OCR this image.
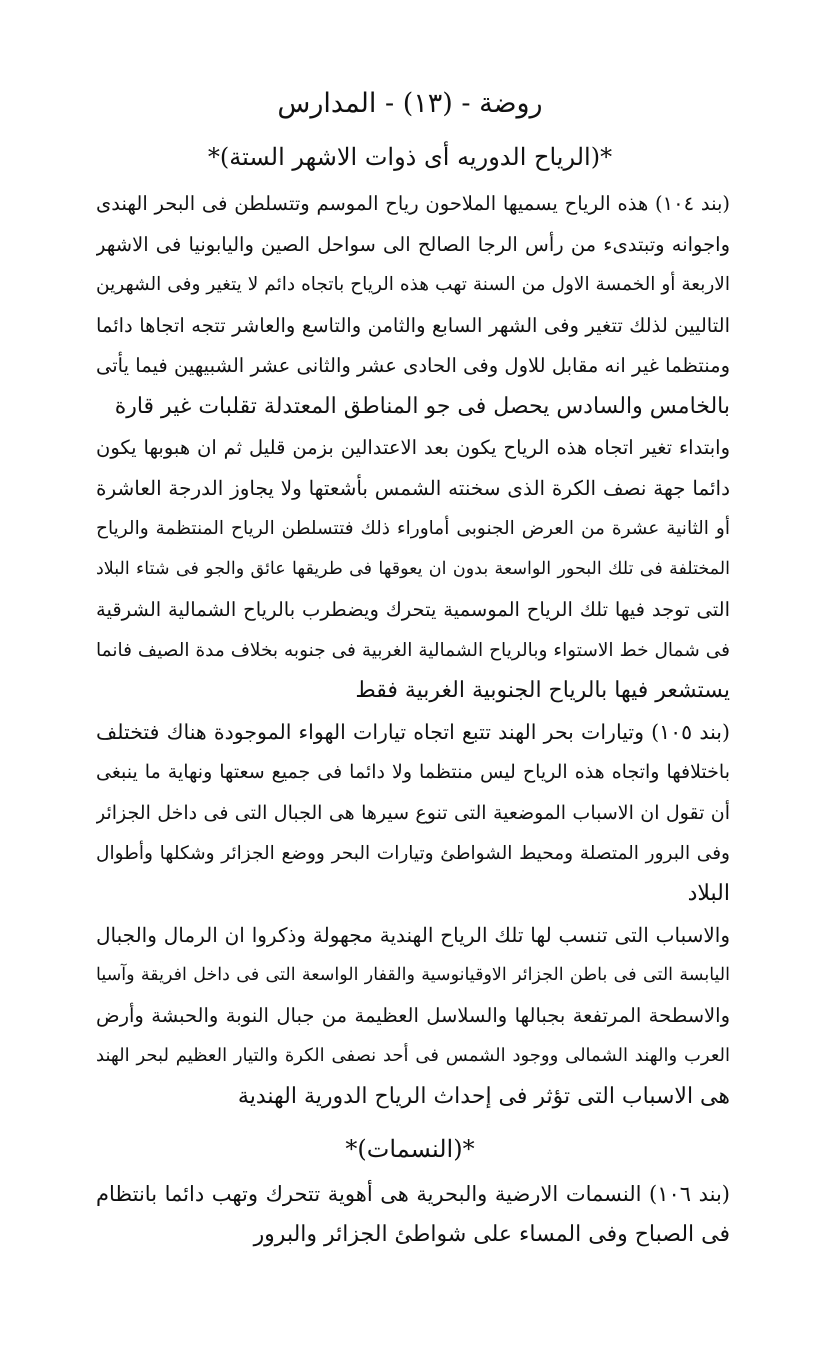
روضة - (١٣) - المدارس
*(الرياح الدوريه أى ذوات الاشهر الستة)*
(بند ١٠٤) هذه الرياح يسميها الملاحون رياح الموسم وتتسلطن فى البحر الهندى
واجوانه وتبتدىء من رأس الرجا الصالح الى سواحل الصين واليابونيا فى الاشهر
الاربعة أو الخمسة الاول من السنة تهب هذه الرياح باتجاه دائم لا يتغير وفى الشهرين
التاليين لذلك تتغير وفى الشهر السابع والثامن والتاسع والعاشر تتجه اتجاها دائما
ومنتظما غير انه مقابل للاول وفى الحادى عشر والثانى عشر الشبيهين فيما يأتى
بالخامس والسادس يحصل فى جو المناطق المعتدلة تقلبات غير قارة
وابتداء تغير اتجاه هذه الرياح يكون بعد الاعتدالين بزمن قليل ثم ان هبوبها يكون
دائما جهة نصف الكرة الذى سخنته الشمس بأشعتها ولا يجاوز الدرجة العاشرة
أو الثانية عشرة من العرض الجنوبى أماوراء ذلك فتتسلطن الرياح المنتظمة والرياح
المختلفة فى تلك البحور الواسعة بدون ان يعوقها فى طريقها عائق والجو فى شتاء البلاد
التى توجد فيها تلك الرياح الموسمية يتحرك ويضطرب بالرياح الشمالية الشرقية
فى شمال خط الاستواء وبالرياح الشمالية الغربية فى جنوبه بخلاف مدة الصيف فانما
يستشعر فيها بالرياح الجنوبية الغربية فقط
(بند ١٠٥) وتيارات بحر الهند تتبع اتجاه تيارات الهواء الموجودة هناك فتختلف
باختلافها واتجاه هذه الرياح ليس منتظما ولا دائما فى جميع سعتها ونهاية ما ينبغى
أن تقول ان الاسباب الموضعية التى تنوع سيرها هى الجبال التى فى داخل الجزائر
وفى البرور المتصلة ومحيط الشواطئ وتيارات البحر ووضع الجزائر وشكلها وأطوال
البلاد
والاسباب التى تنسب لها تلك الرياح الهندية مجهولة وذكروا ان الرمال والجبال
اليابسة التى فى باطن الجزائر الاوقيانوسية والقفار الواسعة التى فى داخل افريقة وآسيا
والاسطحة المرتفعة بجبالها والسلاسل العظيمة من جبال النوبة والحبشة وأرض
العرب والهند الشمالى ووجود الشمس فى أحد نصفى الكرة والتيار العظيم لبحر الهند
هى الاسباب التى تؤثر فى إحداث الرياح الدورية الهندية
*(النسمات)*
(بند ١٠٦) النسمات الارضية والبحرية هى أهوية تتحرك وتهب دائما بانتظام
فى الصباح وفى المساء على شواطئ الجزائر والبرور
